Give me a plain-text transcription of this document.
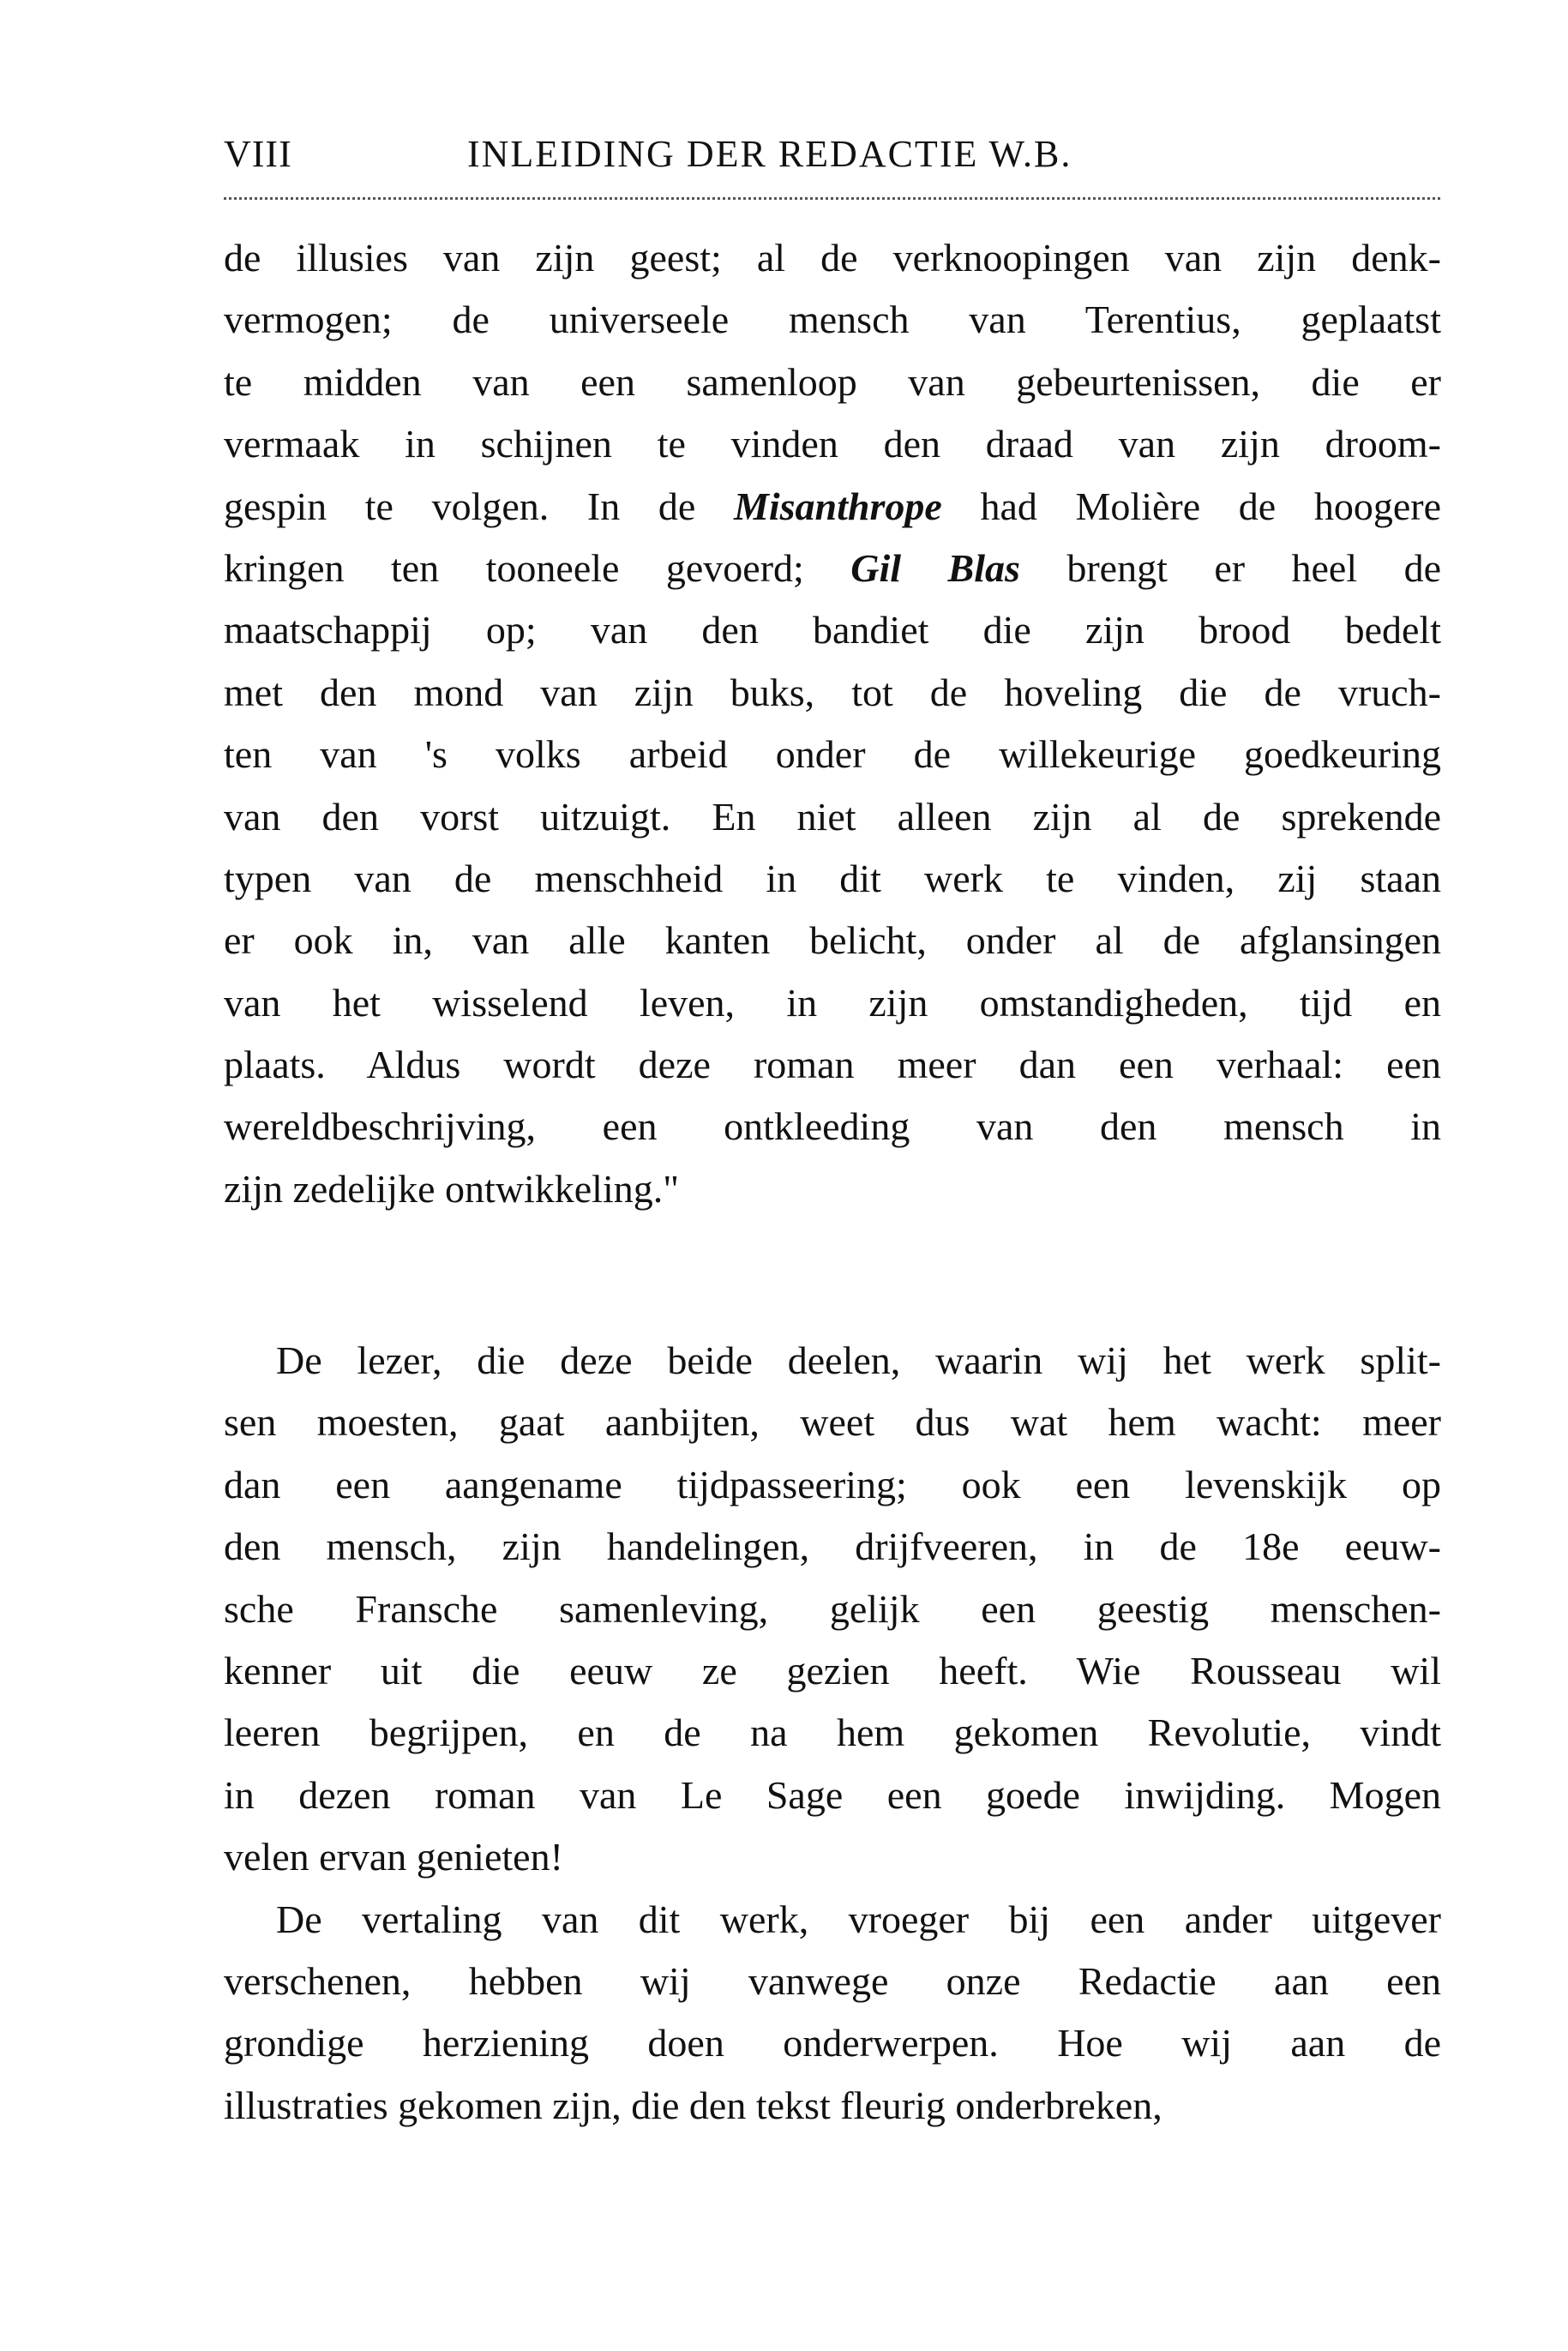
VIII	INLEIDING DER REDACTIE W.B.
de illusies van zijn geest; al de verknoopingen van zijn denk-
vermogen; de universeele mensch van Terentius, geplaatst
te midden van een samenloop van gebeurtenissen, die er
vermaak in schijnen te vinden den draad van zijn droom-
gespin te volgen. In de Misanthrope had Molière de hoogere
kringen ten tooneele gevoerd; Gil Blas brengt er heel de
maatschappij op; van den bandiet die zijn brood bedelt
met den mond van zijn buks, tot de hoveling die de vruch-
ten van 's volks arbeid onder de willekeurige goedkeuring
van den vorst uitzuigt. En niet alleen zijn al de sprekende
typen van de menschheid in dit werk te vinden, zij staan
er ook in, van alle kanten belicht, onder al de afglansingen
van het wisselend leven, in zijn omstandigheden, tijd en
plaats. Aldus wordt deze roman meer dan een verhaal: een
wereldbeschrijving, een ontkleeding van den mensch in
zijn zedelijke ontwikkeling."
De lezer, die deze beide deelen, waarin wij het werk split-
sen moesten, gaat aanbijten, weet dus wat hem wacht: meer
dan een aangename tijdpasseering; ook een levenskijk op
den mensch, zijn handelingen, drijfveeren, in de 18e eeuw-
sche Fransche samenleving, gelijk een geestig menschen-
kenner uit die eeuw ze gezien heeft. Wie Rousseau wil
leeren begrijpen, en de na hem gekomen Revolutie, vindt
in dezen roman van Le Sage een goede inwijding. Mogen
velen ervan genieten!
De vertaling van dit werk, vroeger bij een ander uitgever
verschenen, hebben wij vanwege onze Redactie aan een
grondige herziening doen onderwerpen. Hoe wij aan de
illustraties gekomen zijn, die den tekst fleurig onderbreken,
